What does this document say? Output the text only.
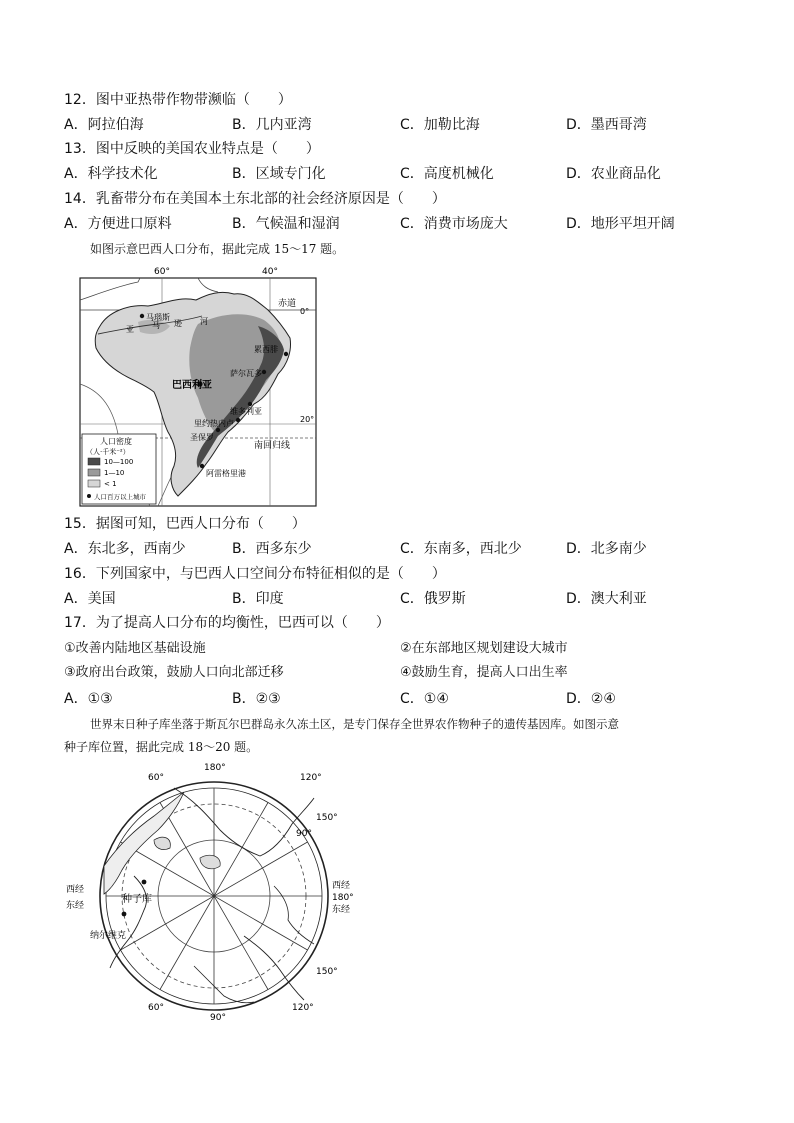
12．图中亚热带作物带濒临（　　）
A．阿拉伯海	B．几内亚湾	C．加勒比海	D．墨西哥湾
13．图中反映的美国农业特点是（　　）
A．科学技术化	B．区域专门化	C．高度机械化	D．农业商品化
14．乳畜带分布在美国本土东北部的社会经济原因是（　　）
A．方便进口原料	B．气候温和湿润	C．消费市场庞大	D．地形平坦开阔
如图示意巴西人口分布，据此完成 15～17 题。
60°	40°
赤道
0°
20°
南回归线
马瑙斯
亚 马 逊 河
巴西利亚
萨尔瓦多
累西腓
维多利亚
里约热内卢
圣保罗
阿雷格里港
人口密度
（人·千米⁻²）
10—100
1—10
< 1
人口百万以上城市
15．据图可知，巴西人口分布（　　）
A．东北多，西南少	B．西多东少	C．东南多，西北少	D．北多南少
16．下列国家中，与巴西人口空间分布特征相似的是（　　）
A．美国	B．印度	C．俄罗斯	D．澳大利亚
17．为了提高人口分布的均衡性，巴西可以（　　）
①改善内陆地区基础设施	②在东部地区规划建设大城市
③政府出台政策，鼓励人口向北部迁移	④鼓励生育，提高人口出生率
A．①③	B．②③	C．①④	D．②④
世界末日种子库坐落于斯瓦尔巴群岛永久冻土区，是专门保存全世界农作物种子的遗传基因库。如图示意
种子库位置，据此完成 18～20 题。
180°
60°	120°
150°
150°
60°
90°
120°
90°
西经
东经
西经
180°
东经
种子库
纳尔维克
